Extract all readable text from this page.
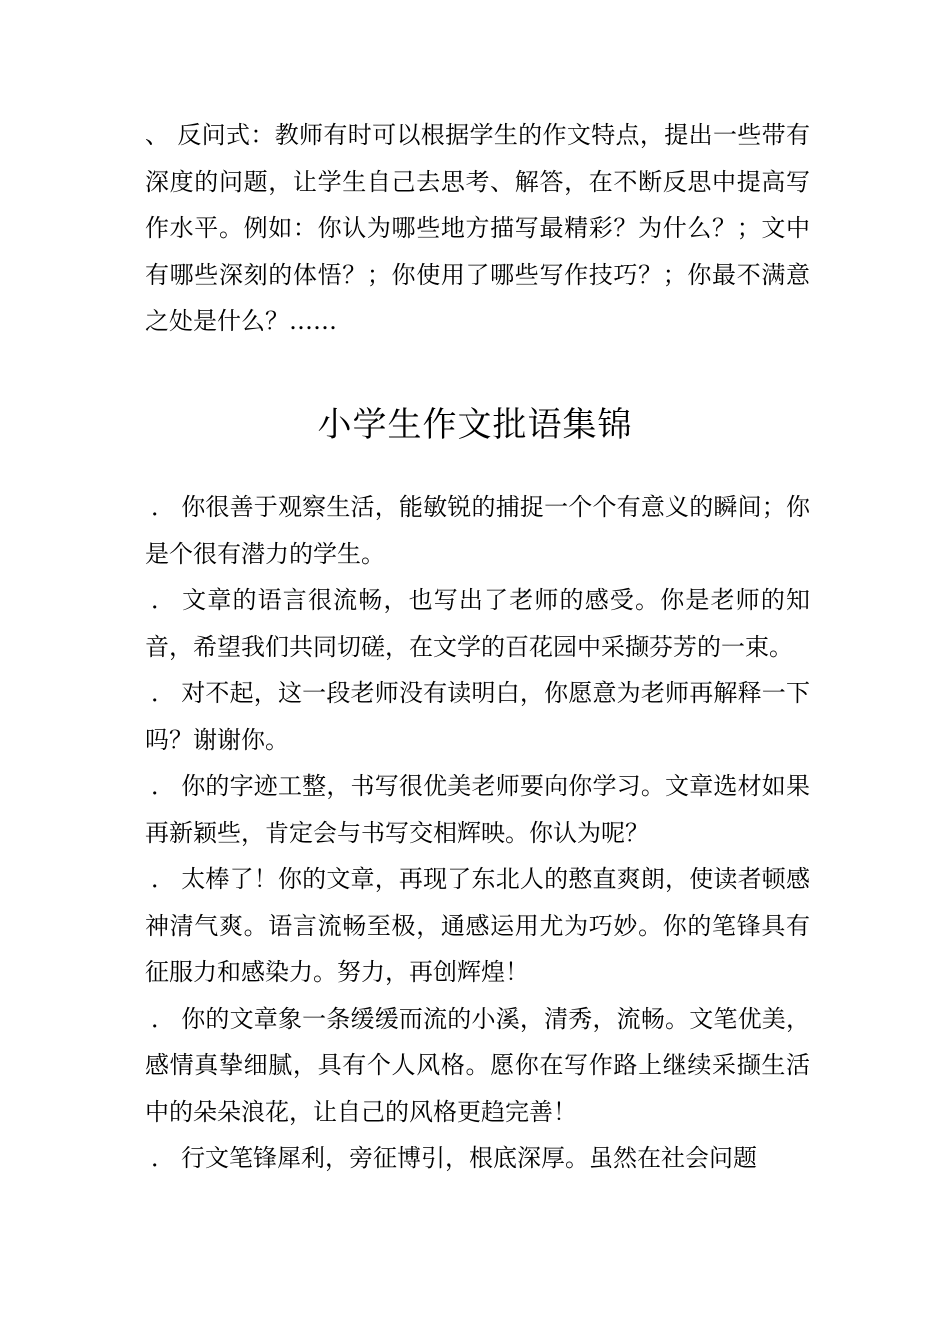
、 反问式：教师有时可以根据学生的作文特点，提出一些带有深度的问题，让学生自己去思考、解答，在不断反思中提高写作水平。例如：你认为哪些地方描写最精彩？为什么？；文中有哪些深刻的体悟？；你使用了哪些写作技巧？；你最不满意之处是什么？……

小学生作文批语集锦
． 你很善于观察生活，能敏锐的捕捉一个个有意义的瞬间；你是个很有潜力的学生。
． 文章的语言很流畅，也写出了老师的感受。你是老师的知音，希望我们共同切磋，在文学的百花园中采撷芬芳的一束。
． 对不起，这一段老师没有读明白，你愿意为老师再解释一下吗？谢谢你。
． 你的字迹工整，书写很优美老师要向你学习。文章选材如果再新颖些，肯定会与书写交相辉映。你认为呢？
． 太棒了！你的文章，再现了东北人的憨直爽朗，使读者顿感神清气爽。语言流畅至极，通感运用尤为巧妙。你的笔锋具有征服力和感染力。努力，再创辉煌！
． 你的文章象一条缓缓而流的小溪，清秀，流畅。文笔优美，感情真挚细腻，具有个人风格。愿你在写作路上继续采撷生活中的朵朵浪花，让自己的风格更趋完善！
． 行文笔锋犀利，旁征博引，根底深厚。虽然在社会问题
